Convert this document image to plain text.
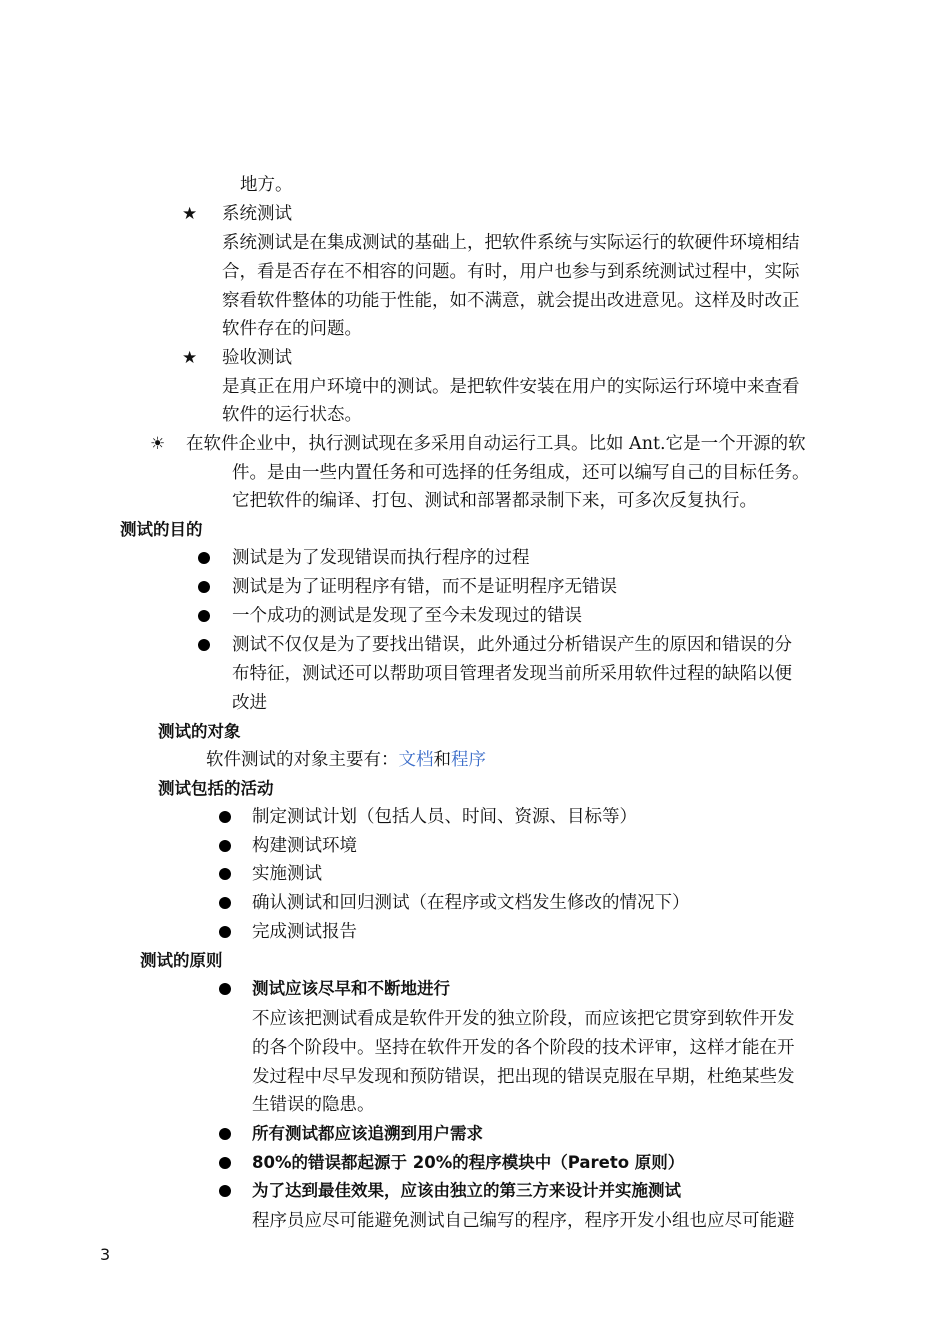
地方。
★ 系统测试
系统测试是在集成测试的基础上，把软件系统与实际运行的软硬件环境相结
合，看是否存在不相容的问题。有时，用户也参与到系统测试过程中，实际
察看软件整体的功能于性能，如不满意，就会提出改进意见。这样及时改正
软件存在的问题。
★ 验收测试
是真正在用户环境中的测试。是把软件安装在用户的实际运行环境中来查看
软件的运行状态。
☀ 在软件企业中，执行测试现在多采用自动运行工具。比如 Ant.它是一个开源的软
件。是由一些内置任务和可选择的任务组成，还可以编写自己的目标任务。
它把软件的编译、打包、测试和部署都录制下来，可多次反复执行。
测试的目的
测试是为了发现错误而执行程序的过程
测试是为了证明程序有错，而不是证明程序无错误
一个成功的测试是发现了至今未发现过的错误
测试不仅仅是为了要找出错误，此外通过分析错误产生的原因和错误的分
布特征，测试还可以帮助项目管理者发现当前所采用软件过程的缺陷以便
改进
测试的对象
软件测试的对象主要有：文档和程序
测试包括的活动
制定测试计划（包括人员、时间、资源、目标等）
构建测试环境
实施测试
确认测试和回归测试（在程序或文档发生修改的情况下）
完成测试报告
测试的原则
测试应该尽早和不断地进行
不应该把测试看成是软件开发的独立阶段，而应该把它贯穿到软件开发
的各个阶段中。坚持在软件开发的各个阶段的技术评审，这样才能在开
发过程中尽早发现和预防错误，把出现的错误克服在早期，杜绝某些发
生错误的隐患。
所有测试都应该追溯到用户需求
80%的错误都起源于 20%的程序模块中（Pareto 原则）
为了达到最佳效果，应该由独立的第三方来设计并实施测试
程序员应尽可能避免测试自己编写的程序，程序开发小组也应尽可能避
3
